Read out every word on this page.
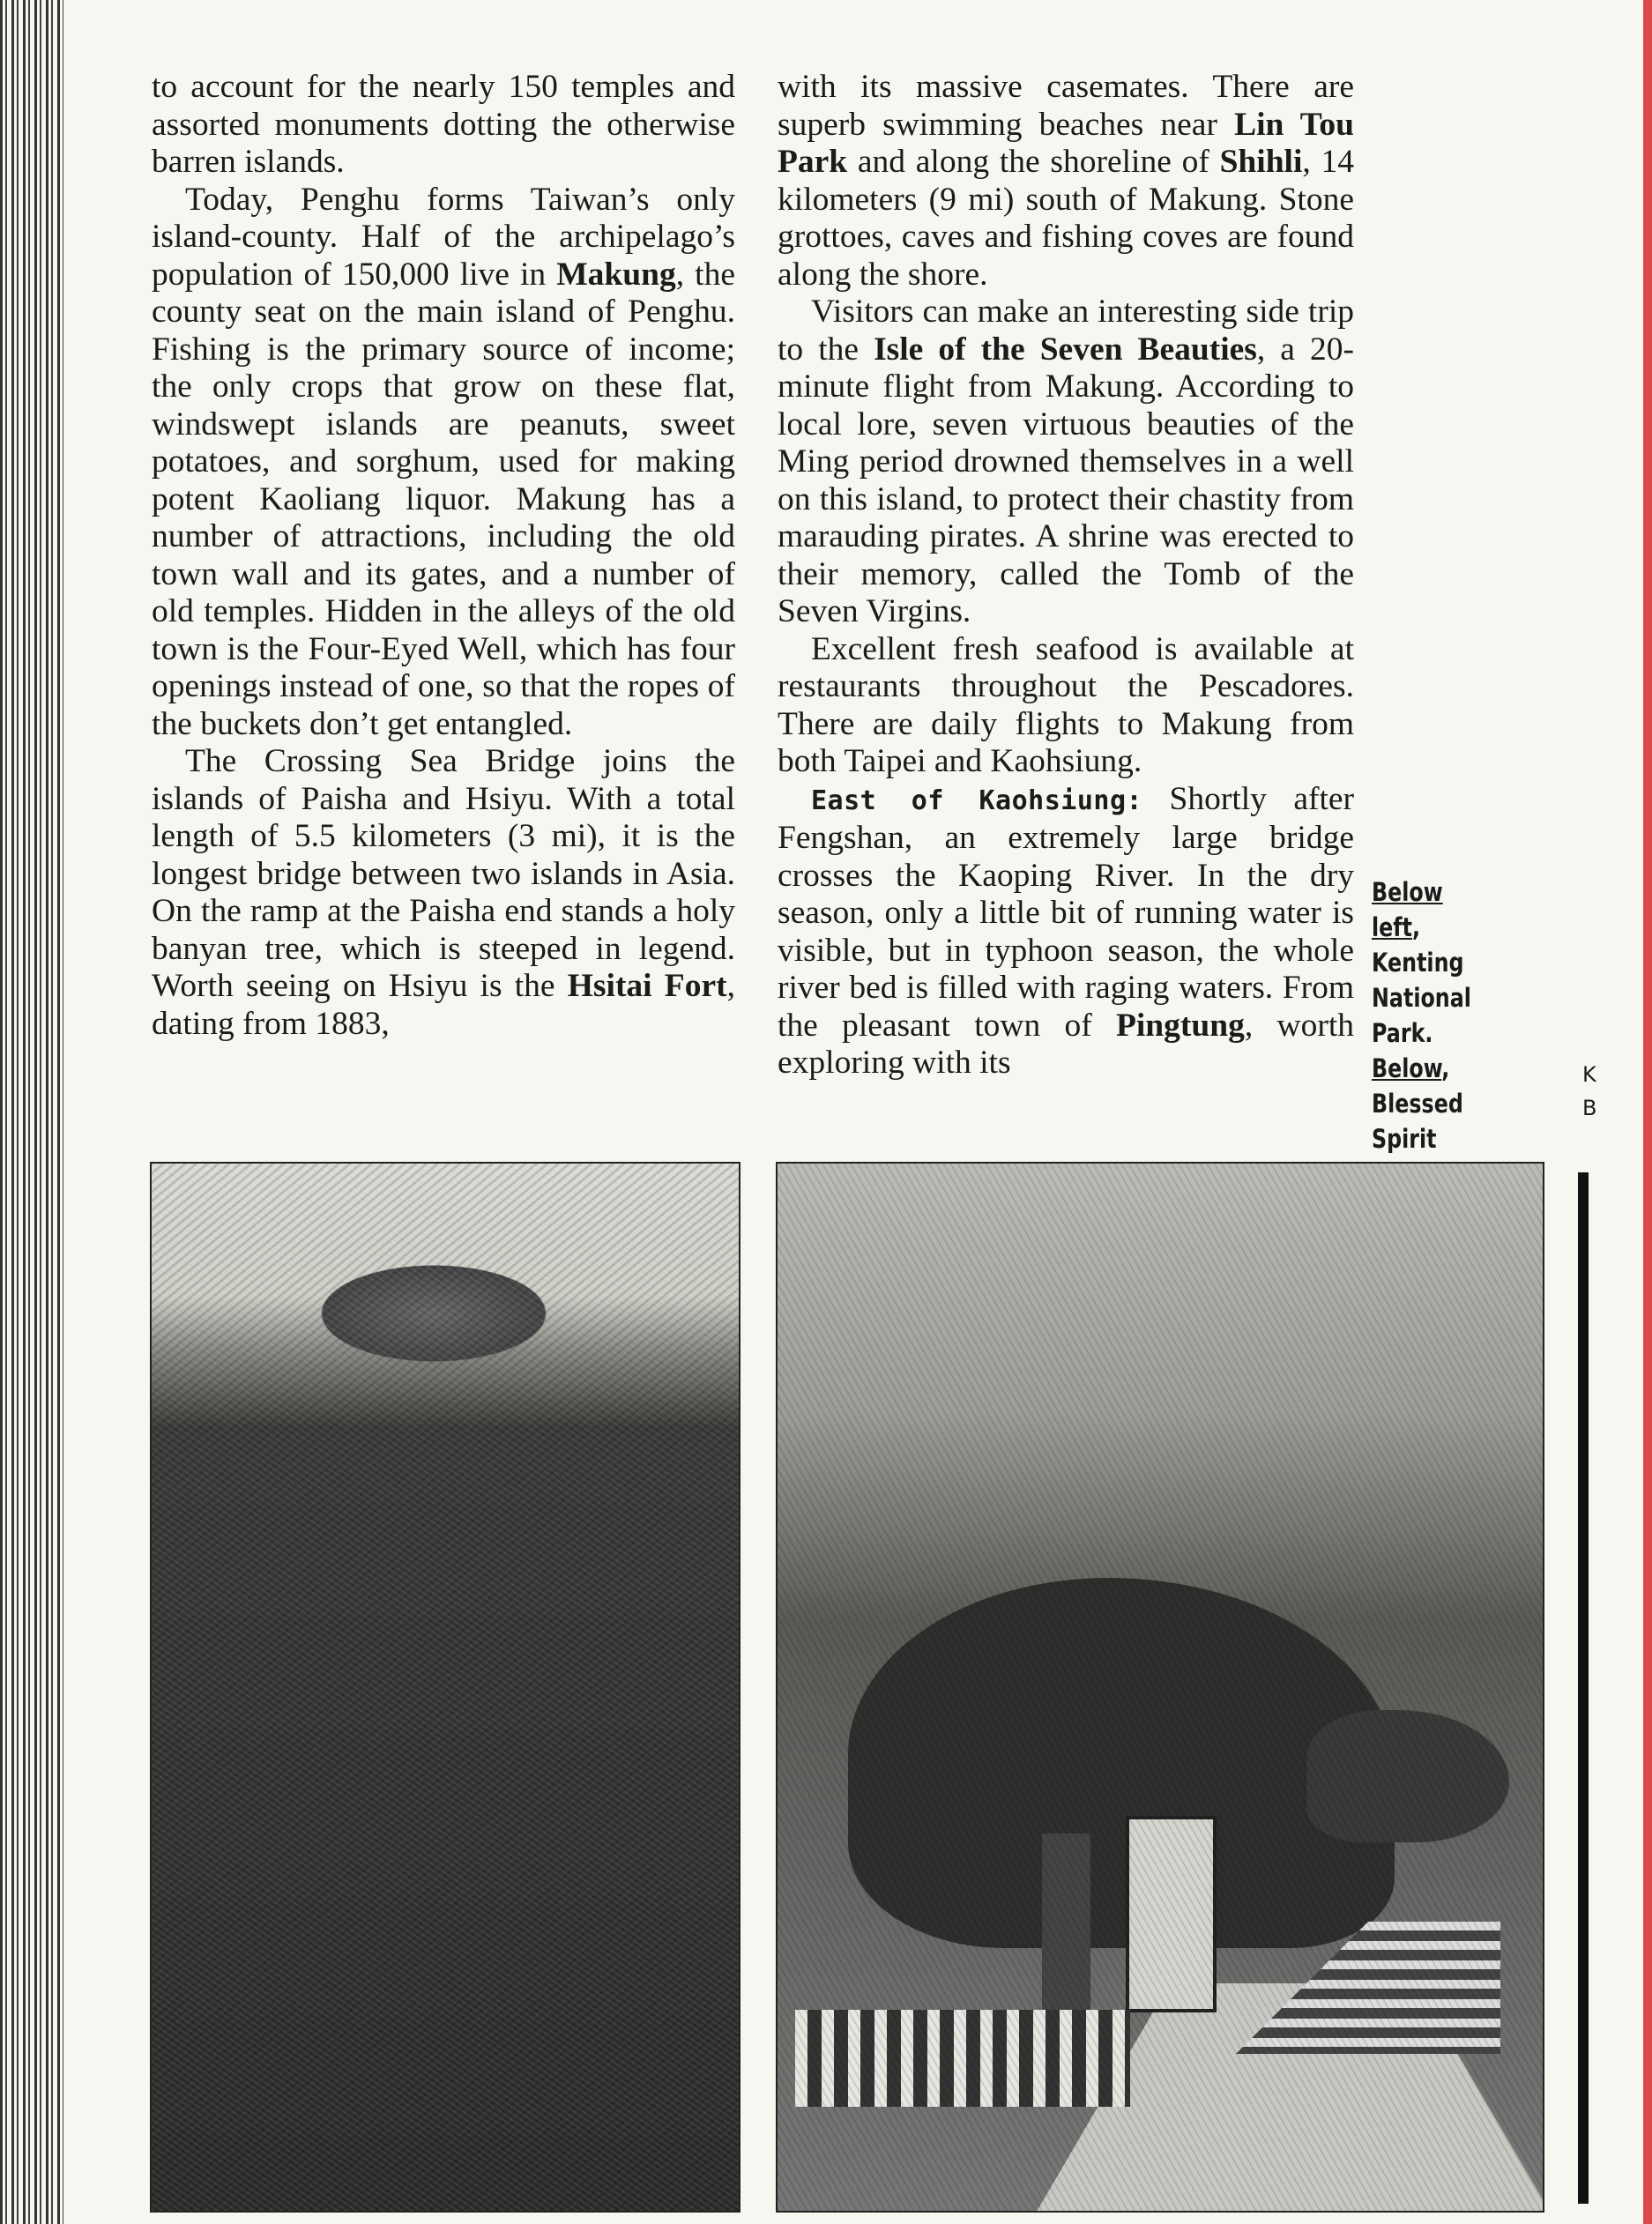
to account for the nearly 150 temples and assorted monuments dotting the otherwise barren islands.

Today, Penghu forms Taiwan’s only island-county. Half of the archipelago’s population of 150,000 live in Makung, the county seat on the main island of Penghu. Fishing is the primary source of income; the only crops that grow on these flat, windswept islands are peanuts, sweet potatoes, and sorghum, used for making potent Kaoliang liquor. Makung has a number of attractions, including the old town wall and its gates, and a number of old temples. Hidden in the alleys of the old town is the Four-Eyed Well, which has four openings instead of one, so that the ropes of the buckets don’t get entangled.

The Crossing Sea Bridge joins the islands of Paisha and Hsiyu. With a total length of 5.5 kilometers (3 mi), it is the longest bridge between two islands in Asia. On the ramp at the Paisha end stands a holy banyan tree, which is steeped in legend. Worth seeing on Hsiyu is the Hsitai Fort, dating from 1883,

with its massive casemates. There are superb swimming beaches near Lin Tou Park and along the shoreline of Shihli, 14 kilometers (9 mi) south of Makung. Stone grottoes, caves and fishing coves are found along the shore.

Visitors can make an interesting side trip to the Isle of the Seven Beauties, a 20-minute flight from Makung. According to local lore, seven virtuous beauties of the Ming period drowned themselves in a well on this island, to protect their chastity from marauding pirates. A shrine was erected to their memory, called the Tomb of the Seven Virgins.

Excellent fresh seafood is available at restaurants throughout the Pescadores. There are daily flights to Makung from both Taipei and Kaohsiung.

East of Kaohsiung: Shortly after Fengshan, an extremely large bridge crosses the Kaoping River. In the dry season, only a little bit of running water is visible, but in typhoon season, the whole river bed is filled with raging waters. From the pleasant town of Pingtung, worth exploring with its

Below left, Kenting National Park. Below, Blessed Spirit
K
B
